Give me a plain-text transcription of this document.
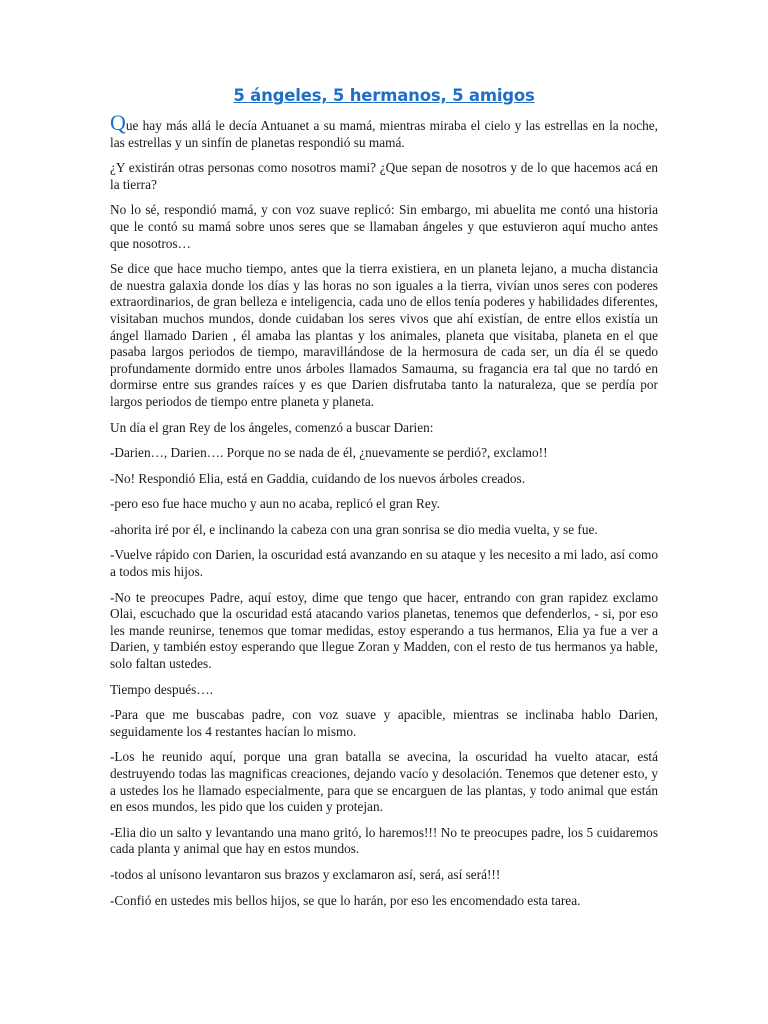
5 ángeles, 5 hermanos, 5 amigos

Que hay más allá le decía Antuanet a su mamá, mientras miraba el cielo y las estrellas en la noche, las estrellas y un sinfín de planetas respondió su mamá.

¿Y existirán otras personas como nosotros mami? ¿Que sepan de nosotros y de lo que hacemos acá en la tierra?

No lo sé, respondió mamá, y con voz suave replicó: Sin embargo, mi abuelita me contó una historia que le contó su mamá sobre unos seres que se llamaban ángeles y que estuvieron aquí mucho antes que nosotros…

Se dice que hace mucho tiempo, antes que la tierra existiera, en un planeta lejano, a mucha distancia de nuestra galaxia donde los días y las horas no son iguales a la tierra, vivían unos seres con poderes extraordinarios, de gran belleza e inteligencia, cada uno de ellos tenía poderes y habilidades diferentes, visitaban muchos mundos, donde cuidaban los seres vivos que ahí existían, de entre ellos existía un ángel llamado Darien , él amaba las plantas y los animales, planeta que visitaba, planeta en el que pasaba largos periodos de tiempo, maravillándose de la hermosura de cada ser, un día él se quedo profundamente dormido entre unos árboles llamados Samauma, su fragancia era tal que no tardó en dormirse entre sus grandes raíces y es que Darien disfrutaba tanto la naturaleza, que se perdía por largos periodos de tiempo entre planeta y planeta.

Un día el gran Rey de los ángeles, comenzó a buscar Darien:

-Darien…, Darien…. Porque no se nada de él, ¿nuevamente se perdió?, exclamo!!

-No! Respondió Elia, está en Gaddia, cuidando de los nuevos árboles creados.

-pero eso fue hace mucho y aun no acaba, replicó el gran Rey.

-ahorita iré por él, e inclinando la cabeza con una gran sonrisa se dio media vuelta, y se fue.

-Vuelve rápido con Darien, la oscuridad está avanzando en su ataque y les necesito a mi lado, así como a todos mis hijos.

-No te preocupes Padre, aquí estoy, dime que tengo que hacer, entrando con gran rapidez exclamo Olai, escuchado que la oscuridad está atacando varios planetas, tenemos que defenderlos, - si, por eso les mande reunirse, tenemos que tomar medidas, estoy esperando a tus hermanos, Elia ya fue a ver a Darien, y también estoy esperando que llegue Zoran y Madden, con el resto de tus hermanos ya hable, solo faltan ustedes.

Tiempo después….

-Para que me buscabas padre, con voz suave y apacible, mientras se inclinaba hablo Darien, seguidamente los 4 restantes hacían lo mismo.

-Los he reunido aquí, porque una gran batalla se avecina, la oscuridad ha vuelto atacar, está destruyendo todas las magnificas creaciones, dejando vacío y desolación. Tenemos que detener esto, y a ustedes los he llamado especialmente, para que se encarguen de las plantas, y todo animal que están en esos mundos, les pido que los cuiden y protejan.

-Elia dio un salto y levantando una mano gritó, lo haremos!!! No te preocupes padre, los 5 cuidaremos cada planta y animal que hay en estos mundos.

-todos al unísono levantaron sus brazos y exclamaron así, será, así será!!!

-Confió en ustedes mis bellos hijos, se que lo harán, por eso les encomendado esta tarea.
